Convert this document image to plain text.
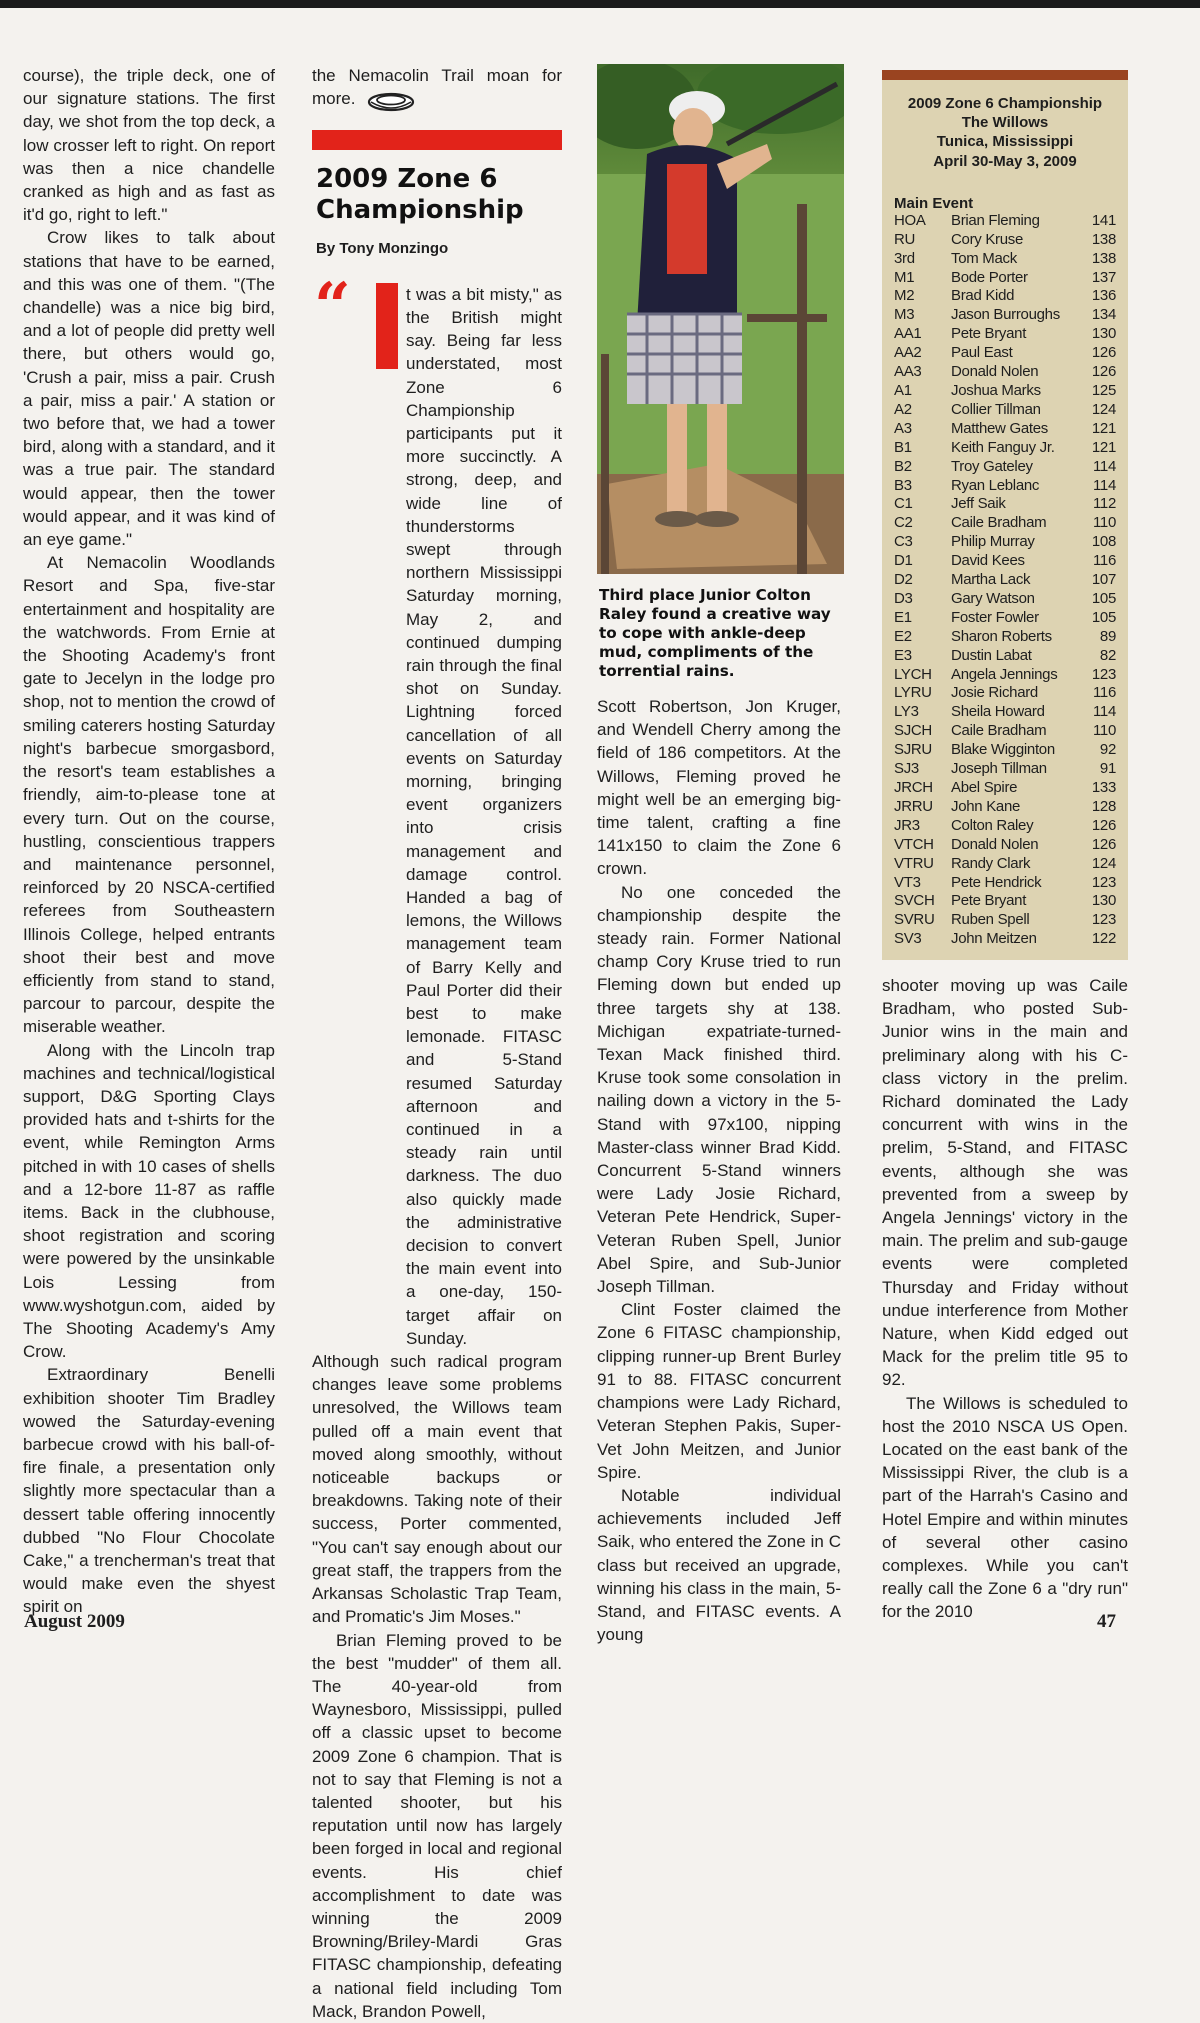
course), the triple deck, one of our signature stations. The first day, we shot from the top deck, a low crosser left to right. On report was then a nice chandelle cranked as high and as fast as it'd go, right to left."

Crow likes to talk about stations that have to be earned, and this was one of them. "(The chandelle) was a nice big bird, and a lot of people did pretty well there, but others would go, 'Crush a pair, miss a pair. Crush a pair, miss a pair.' A station or two before that, we had a tower bird, along with a standard, and it was a true pair. The standard would appear, then the tower would appear, and it was kind of an eye game."

At Nemacolin Woodlands Resort and Spa, five-star entertainment and hospitality are the watchwords. From Ernie at the Shooting Academy's front gate to Jecelyn in the lodge pro shop, not to mention the crowd of smiling caterers hosting Saturday night's barbecue smorgasbord, the resort's team establishes a friendly, aim-to-please tone at every turn. Out on the course, hustling, conscientious trappers and maintenance personnel, reinforced by 20 NSCA-certified referees from Southeastern Illinois College, helped entrants shoot their best and move efficiently from stand to stand, parcour to parcour, despite the miserable weather.

Along with the Lincoln trap machines and technical/logistical support, D&G Sporting Clays provided hats and t-shirts for the event, while Remington Arms pitched in with 10 cases of shells and a 12-bore 11-87 as raffle items. Back in the clubhouse, shoot registration and scoring were powered by the unsinkable Lois Lessing from www.wyshotgun.com, aided by The Shooting Academy's Amy Crow.

Extraordinary Benelli exhibition shooter Tim Bradley wowed the Saturday-evening barbecue crowd with his ball-of-fire finale, a presentation only slightly more spectacular than a dessert table offering innocently dubbed "No Flour Chocolate Cake," a trencherman's treat that would make even the shyest spirit on

the Nemacolin Trail moan for more.

2009 Zone 6 Championship
By Tony Monzingo
“	t was a bit misty," as the British might say. Being far less understated, most Zone 6 Championship participants put it more succinctly. A strong, deep, and wide line of thunderstorms swept through northern Mississippi Saturday morning, May 2, and continued dumping rain through the final shot on Sunday. Lightning forced cancellation of all events on Saturday morning, bringing event organizers into crisis management and damage control. Handed a bag of lemons, the Willows management team of Barry Kelly and Paul Porter did their best to make lemonade. FITASC and 5-Stand resumed Saturday afternoon and continued in a steady rain until darkness. The duo also quickly made the administrative decision to convert the main event into a one-day, 150-target affair on Sunday.

Although such radical program changes leave some problems unresolved, the Willows team pulled off a main event that moved along smoothly, without noticeable backups or breakdowns. Taking note of their success, Porter commented, "You can't say enough about our great staff, the trappers from the Arkansas Scholastic Trap Team, and Promatic's Jim Moses."

Brian Fleming proved to be the best "mudder" of them all. The 40-year-old from Waynesboro, Mississippi, pulled off a classic upset to become 2009 Zone 6 champion. That is not to say that Fleming is not a talented shooter, but his reputation until now has largely been forged in local and regional events. His chief accomplishment to date was winning the 2009 Browning/Briley-Mardi Gras FITASC championship, defeating a national field including Tom Mack, Brandon Powell,

Third place Junior Colton Raley found a creative way to cope with ankle-deep mud, compliments of the torrential rains.

Scott Robertson, Jon Kruger, and Wendell Cherry among the field of 186 competitors. At the Willows, Fleming proved he might well be an emerging big-time talent, crafting a fine 141x150 to claim the Zone 6 crown.

No one conceded the championship despite the steady rain. Former National champ Cory Kruse tried to run Fleming down but ended up three targets shy at 138. Michigan expatriate-turned-Texan Mack finished third. Kruse took some consolation in nailing down a victory in the 5-Stand with 97x100, nipping Master-class winner Brad Kidd. Concurrent 5-Stand winners were Lady Josie Richard, Veteran Pete Hendrick, Super-Veteran Ruben Spell, Junior Abel Spire, and Sub-Junior Joseph Tillman.

Clint Foster claimed the Zone 6 FITASC championship, clipping runner-up Brent Burley 91 to 88. FITASC concurrent champions were Lady Richard, Veteran Stephen Pakis, Super-Vet John Meitzen, and Junior Spire.

Notable individual achievements included Jeff Saik, who entered the Zone in C class but received an upgrade, winning his class in the main, 5-Stand, and FITASC events. A young

2009 Zone 6 Championship
The Willows
Tunica, Mississippi
April 30-May 3, 2009
Main Event
HOA	Brian Fleming	141
RU	Cory Kruse	138
3rd	Tom Mack	138
M1	Bode Porter	137
M2	Brad Kidd	136
M3	Jason Burroughs	134
AA1	Pete Bryant	130
AA2	Paul East	126
AA3	Donald Nolen	126
A1	Joshua Marks	125
A2	Collier Tillman	124
A3	Matthew Gates	121
B1	Keith Fanguy Jr.	121
B2	Troy Gateley	114
B3	Ryan Leblanc	114
C1	Jeff Saik	112
C2	Caile Bradham	110
C3	Philip Murray	108
D1	David Kees	116
D2	Martha Lack	107
D3	Gary Watson	105
E1	Foster Fowler	105
E2	Sharon Roberts	89
E3	Dustin Labat	82
LYCH	Angela Jennings	123
LYRU	Josie Richard	116
LY3	Sheila Howard	114
SJCH	Caile Bradham	110
SJRU	Blake Wigginton	92
SJ3	Joseph Tillman	91
JRCH	Abel Spire	133
JRRU	John Kane	128
JR3	Colton Raley	126
VTCH	Donald Nolen	126
VTRU	Randy Clark	124
VT3	Pete Hendrick	123
SVCH	Pete Bryant	130
SVRU	Ruben Spell	123
SV3	John Meitzen	122

shooter moving up was Caile Bradham, who posted Sub-Junior wins in the main and preliminary along with his C-class victory in the prelim. Richard dominated the Lady concurrent with wins in the prelim, 5-Stand, and FITASC events, although she was prevented from a sweep by Angela Jennings' victory in the main. The prelim and sub-gauge events were completed Thursday and Friday without undue interference from Mother Nature, when Kidd edged out Mack for the prelim title 95 to 92.

The Willows is scheduled to host the 2010 NSCA US Open. Located on the east bank of the Mississippi River, the club is a part of the Harrah's Casino and Hotel Empire and within minutes of several other casino complexes. While you can't really call the Zone 6 a "dry run" for the 2010

August 2009	47
